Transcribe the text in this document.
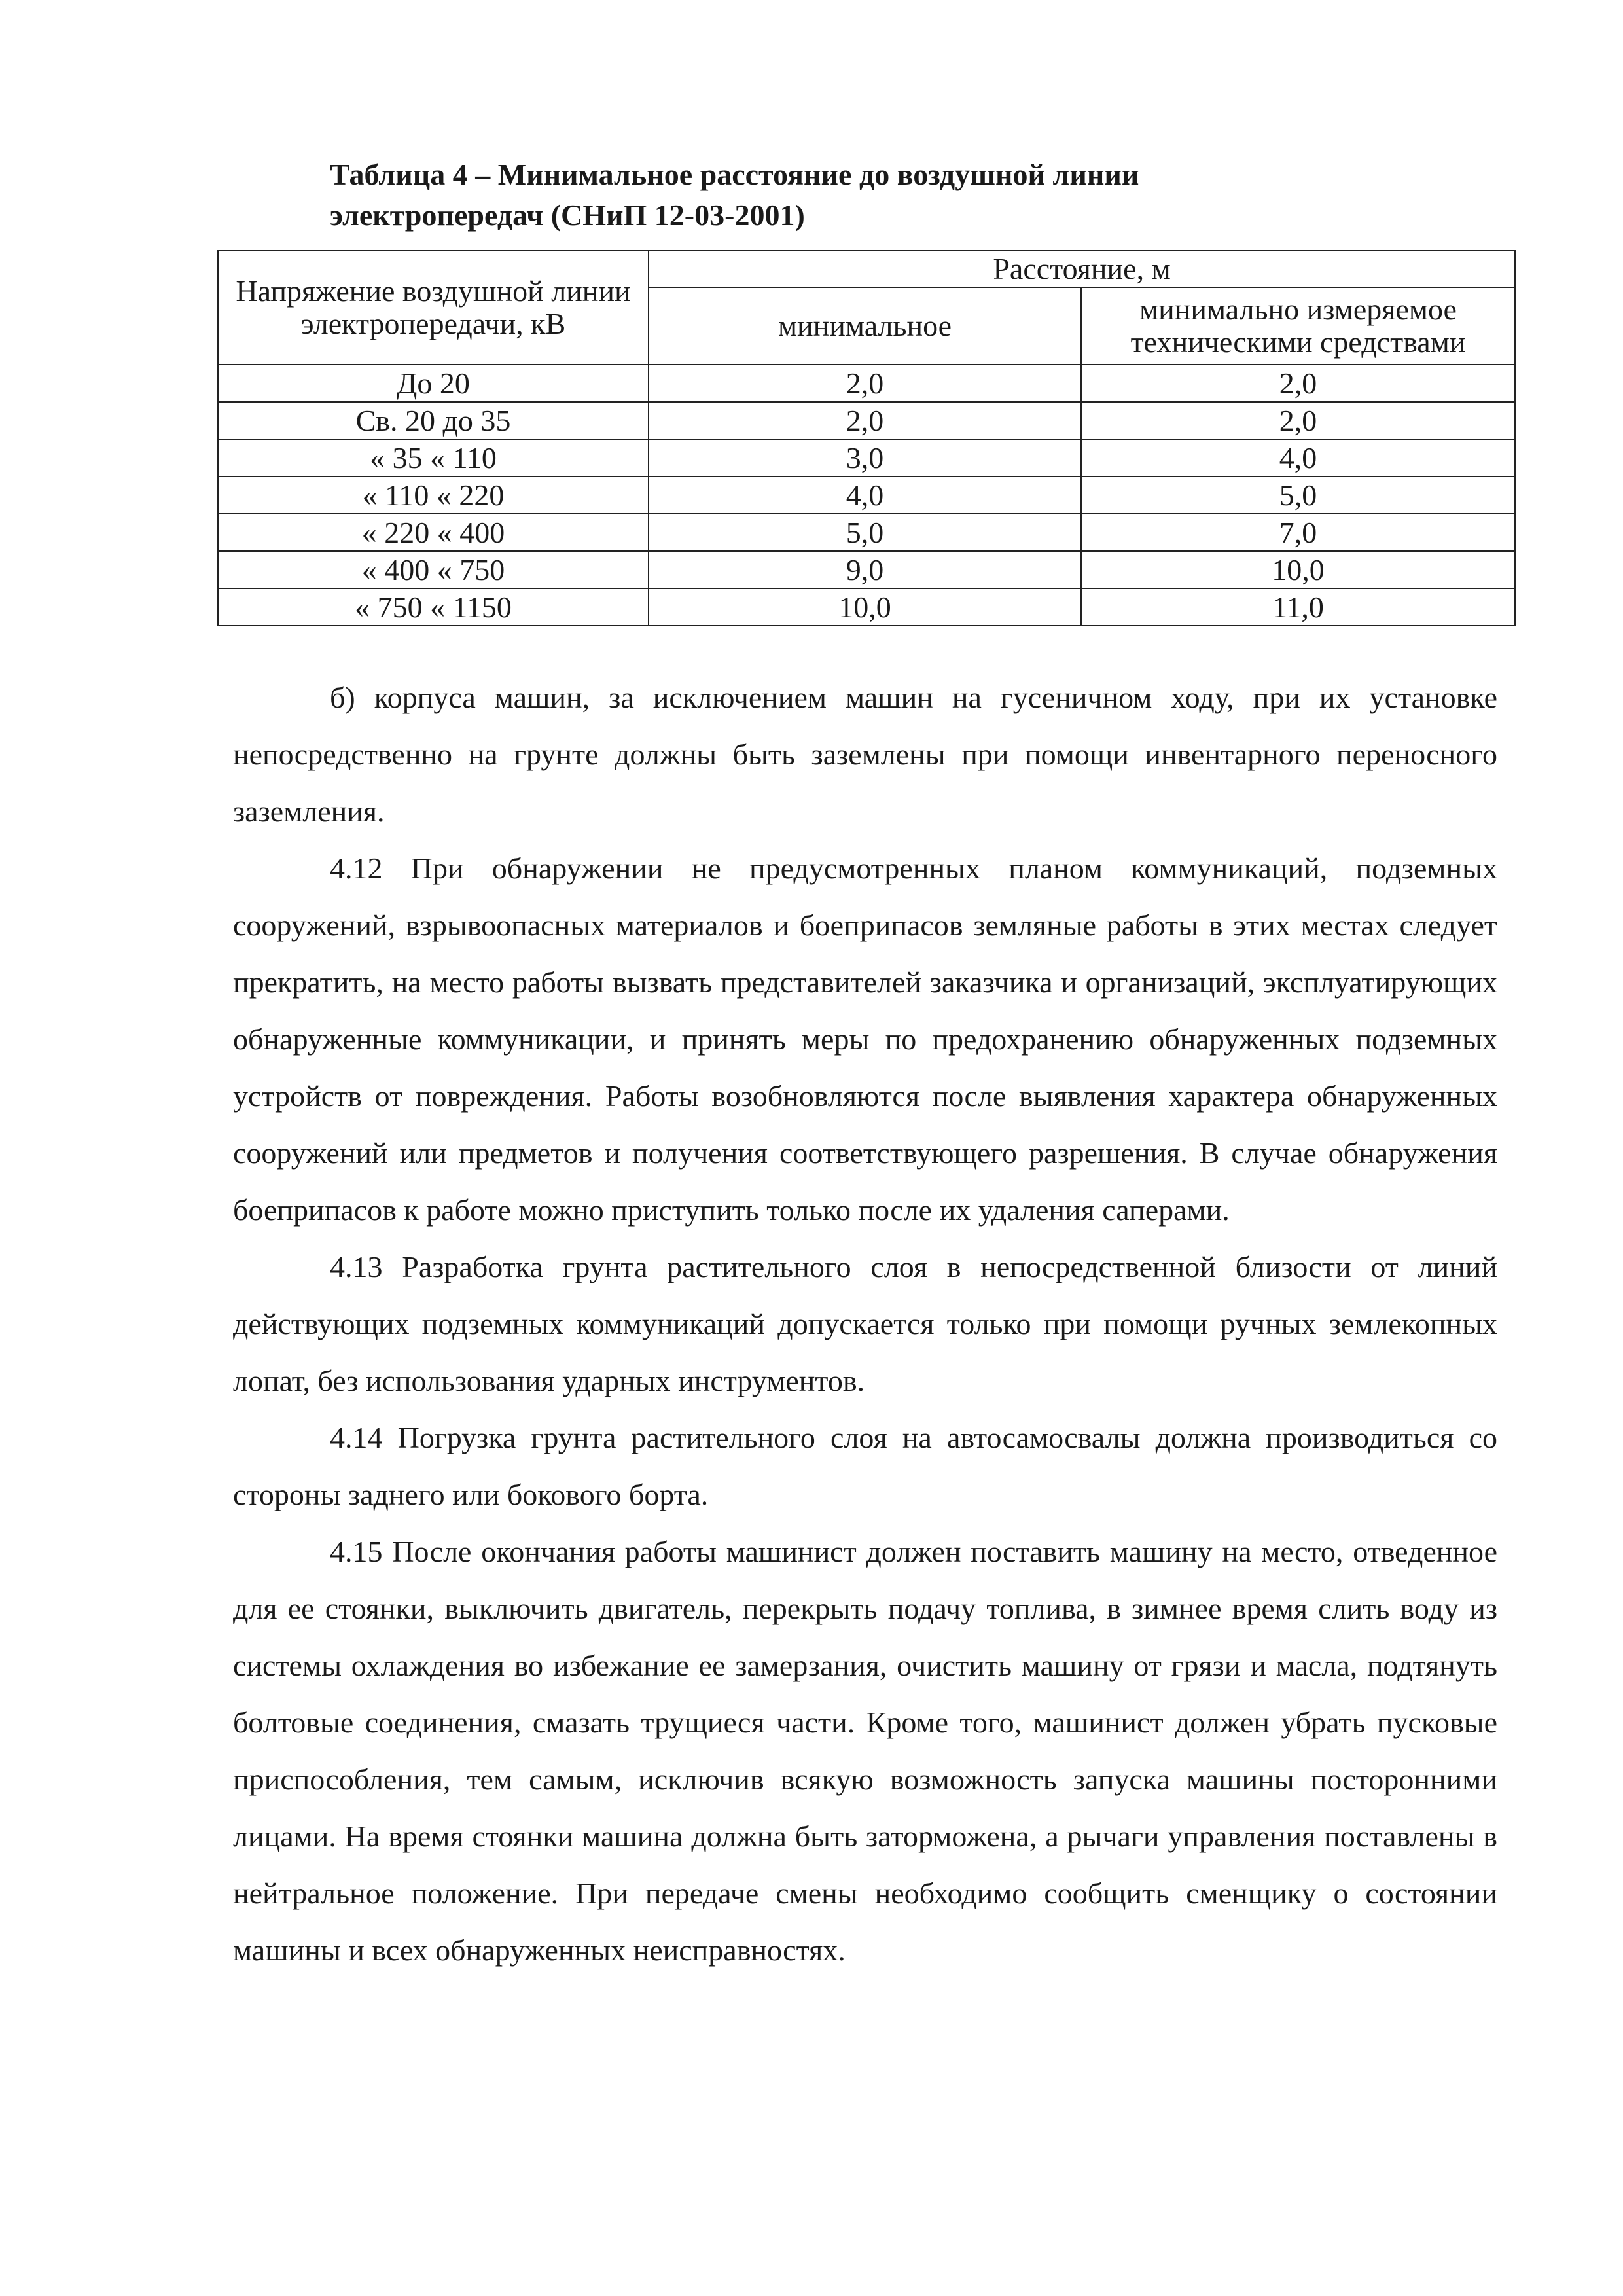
Таблица 4 – Минимальное расстояние до воздушной линии
электропередач (СНиП 12-03-2001)
Напряжение воздушной линии электропередачи, кВ	Расстояние, м	
	минимальное	минимально измеряемое техническими средствами
До 20	2,0	2,0
Св. 20 до 35	2,0	2,0
« 35 « 110	3,0	4,0
« 110 « 220	4,0	5,0
« 220 « 400	5,0	7,0
« 400 « 750	9,0	10,0
« 750 « 1150	10,0	11,0

б) корпуса машин, за исключением машин на гусеничном ходу, при их установке непосредственно на грунте должны быть заземлены при помощи инвентарного переносного заземления.

4.12 При обнаружении не предусмотренных планом коммуникаций, подземных сооружений, взрывоопасных материалов и боеприпасов земляные работы в этих местах следует прекратить, на место работы вызвать представителей заказчика и организаций, эксплуатирующих обнаруженные коммуникации, и принять меры по предохранению обнаруженных подземных устройств от повреждения. Работы возобновляются после выявления характера обнаруженных сооружений или предметов и получения соответствующего разрешения. В случае обнаружения боеприпасов к работе можно приступить только после их удаления саперами.

4.13 Разработка грунта растительного слоя в непосредственной близости от линий действующих подземных коммуникаций допускается только при помощи ручных землекопных лопат, без использования ударных инструментов.

4.14 Погрузка грунта растительного слоя на автосамосвалы должна производиться со стороны заднего или бокового борта.

4.15 После окончания работы машинист должен поставить машину на место, отведенное для ее стоянки, выключить двигатель, перекрыть подачу топлива, в зимнее время слить воду из системы охлаждения во избежание ее замерзания, очистить машину от грязи и масла, подтянуть болтовые соединения, смазать трущиеся части. Кроме того, машинист должен убрать пусковые приспособления, тем самым, исключив всякую возможность запуска машины посторонними лицами. На время стоянки машина должна быть заторможена, а рычаги управления поставлены в нейтральное положение. При передаче смены необходимо сообщить сменщику о состоянии машины и всех обнаруженных неисправностях.
